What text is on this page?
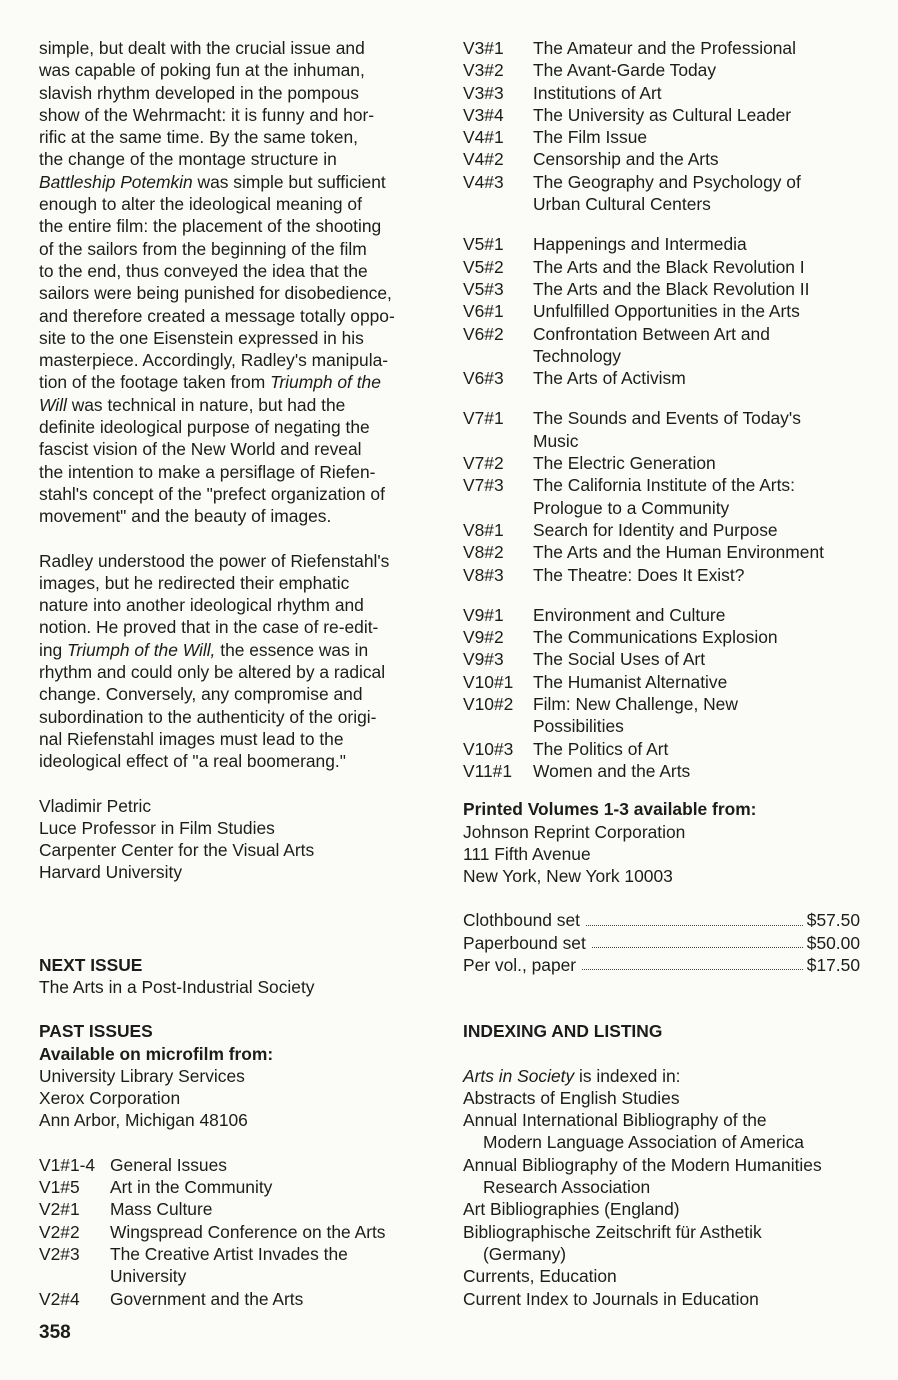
simple, but dealt with the crucial issue and
was capable of poking fun at the inhuman,
slavish rhythm developed in the pompous
show of the Wehrmacht: it is funny and hor-
rific at the same time. By the same token,
the change of the montage structure in
Battleship Potemkin was simple but sufficient
enough to alter the ideological meaning of
the entire film: the placement of the shooting
of the sailors from the beginning of the film
to the end, thus conveyed the idea that the
sailors were being punished for disobedience,
and therefore created a message totally oppo-
site to the one Eisenstein expressed in his
masterpiece. Accordingly, Radley's manipula-
tion of the footage taken from Triumph of the
Will was technical in nature, but had the
definite ideological purpose of negating the
fascist vision of the New World and reveal
the intention to make a persiflage of Riefen-
stahl's concept of the "prefect organization of
movement" and the beauty of images.
Radley understood the power of Riefenstahl's
images, but he redirected their emphatic
nature into another ideological rhythm and
notion. He proved that in the case of re-edit-
ing Triumph of the Will, the essence was in
rhythm and could only be altered by a radical
change. Conversely, any compromise and
subordination to the authenticity of the origi-
nal Riefenstahl images must lead to the
ideological effect of "a real boomerang."
Vladimir Petric
Luce Professor in Film Studies
Carpenter Center for the Visual Arts
Harvard University
NEXT ISSUE
The Arts in a Post-Industrial Society
PAST ISSUES
Available on microfilm from:
University Library Services
Xerox Corporation
Ann Arbor, Michigan 48106
V1#1-4 General Issues
V1#5	Art in the Community
V2#1	Mass Culture
V2#2	Wingspread Conference on the Arts
V2#3	The Creative Artist Invades the University
V2#4	Government and the Arts
V3#1	The Amateur and the Professional
V3#2	The Avant-Garde Today
V3#3	Institutions of Art
V3#4	The University as Cultural Leader
V4#1	The Film Issue
V4#2	Censorship and the Arts
V4#3	The Geography and Psychology of Urban Cultural Centers
V5#1	Happenings and Intermedia
V5#2	The Arts and the Black Revolution I
V5#3	The Arts and the Black Revolution II
V6#1	Unfulfilled Opportunities in the Arts
V6#2	Confrontation Between Art and Technology
V6#3	The Arts of Activism
V7#1	The Sounds and Events of Today's Music
V7#2	The Electric Generation
V7#3	The California Institute of the Arts: Prologue to a Community
V8#1	Search for Identity and Purpose
V8#2	The Arts and the Human Environment
V8#3	The Theatre: Does It Exist?
V9#1	Environment and Culture
V9#2	The Communications Explosion
V9#3	The Social Uses of Art
V10#1	The Humanist Alternative
V10#2	Film: New Challenge, New Possibilities
V10#3	The Politics of Art
V11#1	Women and the Arts
Printed Volumes 1-3 available from:
Johnson Reprint Corporation
111 Fifth Avenue
New York, New York 10003
Clothbound set	$57.50
Paperbound set	$50.00
Per vol., paper	$17.50
INDEXING AND LISTING
Arts in Society is indexed in:
Abstracts of English Studies
Annual International Bibliography of the
Modern Language Association of America
Annual Bibliography of the Modern Humanities
Research Association
Art Bibliographies (England)
Bibliographische Zeitschrift für Asthetik
(Germany)
Currents, Education
Current Index to Journals in Education
358
